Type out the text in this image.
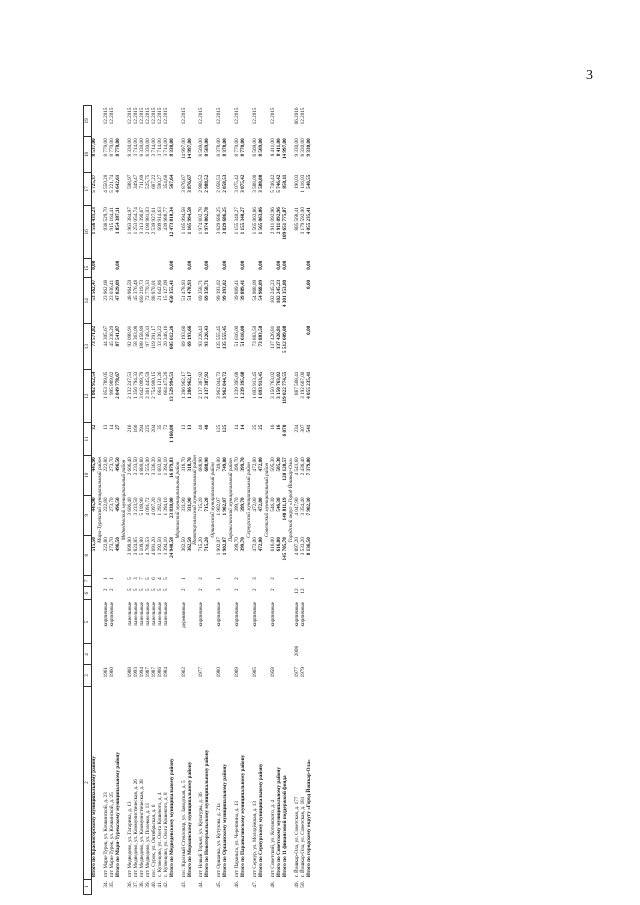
3
1	2	3	4	5	6	7	8	9	10	11	12	13	14	15	16	17	18	19
	Итого по Красногорскому муниципальному району						515,50	445,90	445,90	32	1 062 952,54	73 571,82	53 562,47	0,00	1 556 431,23	5 725,37	8 537,00	
Мари-Турекский муниципальный район																		
34.	пгт Мари-Турек, ул. Кочкинской, д. 23	1961		кирпичные	2	1	222,80	222,80	222,80	13	1 053 789,05	44 305,67	23 962,68		938 529,70	4 550,20	8 770,00	12.2015
35.	пгт Мари-Турек, ул. Кочкинской, д. 25	1960		кирпичные	2	1	273,70	273,70	273,70	14	995 989,62	45 236,20	23 036,41		915 164,41	5 221,74	8 770,00	12.2015
	Итого по Мари-Турекскому муниципальному району						496,50	496,50	496,50	27	2 049 778,67	87 541,87	47 029,09	0,00	1 854 387,11	4 642,61	8 770,00	
Медведевский муниципальный район																		
36.	пгт Медведево, ул. Гагарина, д. 13	1988		панельные	5	5	3 899,90	3 606,40	2 606,40	216	2 132 247,53	92 098,91	48 964,59		1 963 384,97	598,97	8 330,00	12.2015
37.	пгт Медведево, ул. Коммунистическая, д. 26	1993		панельные	5	3	3 824,85	3 233,50	3 233,50	166	1 356 794,33	58 363,08	45 376,48		1 253 054,74	349,47	3 714,00	12.2015
38.	пгт Медведево, ул. Коммунистическая, д. 38	1994		панельные	5	7	5 109,90	5 109,90	4 880,80	294	3 642 099,79	188 458,89	160 219,73		3 313 390,67	711,69	8 330,00	12.2015
39.	пгт Медведево, ул. Полевая, д. 13	1987		панельные	5	5	4 786,53	4 091,72	2 555,00	225	2 361 445,59	97 748,33	72 770,33		2 190 981,03	525,75	8 330,00	12.2015
40.	пос. Сурок, ул. Октябрьская, д. 6	1987		панельные	5	6	4 691,20	4 097,20	3 336,20	204	2 754 900,15	119 291,17	88 970,01		2 539 927,61	687,22	3 714,00	12.2015
41.	с. Кузнецово, ул. Олега Кошевого, д. 4	1986		панельные	5	4	1 292,50	1 292,50	1 602,00	35	664 121,26	33 236,22	21 642,86		609 914,63	590,27	3 714,00	12.2015
42.	с. Кузнецово, ул. Олега Кошевого, д. 8	1984		панельные	5	5	1 394,10	1 394,10	1 394,10	72	664 473,20	20 346,16	15 127,09		439 988,77	354,60	3 714,00	12.2015
	Итого по Медведевскому муниципальному району						24 940,58	23 830,08	16 879,83	1 160,00	13 529 994,51	605 612,26	450 355,41	0,00	12 473 810,34	567,64	8 330,00	
Моркинский муниципальный район																		
43.	пос. Красный Стекловар, ул. Заводская, д. 5	1962		деревянные	2	1	362,50	331,90	318,70	13	1 286 962,17	69 193,66	51 478,93		1 165 994,58	3 876,67	14 997,00	12.2015
	Итого по Моркинскому муниципальному району						362,50	331,90	318,70	13	1 286 962,17	69 193,66	51 478,93	0,00	1 165 994,58	3 876,67	14 997,00	
Новоторъяльский муниципальный район																		
44.	пгт Новый Торъял, ул. Культуры, д. 36	1977		кирпичные	2	2	715,20	715,20	688,90	40	2 137 387,92	93 226,43	69 358,71		1 974 802,78	2 988,52	8 569,00	12.2015
	Итого по Новоторъяльскому муниципальному району						715,20	715,20	688,90	40	2 137 387,92	93 226,43	69 358,71	0,00	1 974 802,78	2 988,52	8 569,00	
Оршанский муниципальный район																		
45.	пгт Оршанка, ул. Кутузова, д. 21а	1980		кирпичные	3	1	1 902,07	1 902,07	749,00	125	3 962 044,72	135 555,45	99 393,02		3 829 686,25	2 058,53	8 378,00	12.2015
	Итого по Оршанскому муниципальному району						1 902,07	1 902,07	749,00	125	3 962 044,72	135 555,45	99 393,02	0,00	3 829 686,25	2 058,53	8 378,00	
Параньгинский муниципальный район																		
46.	пгт Параньга, ул. Черепнина, д. 13	1969		кирпичные	2	2	399,70	399,70	399,70	14	1 239 395,68	51 616,00	39 889,41		1 155 340,27	3 075,42	8 770,00	12.2015
	Итого по Параньгинскому муниципальному району						399,70	399,70	399,70	14	1 239 395,68	51 616,00	39 889,41	0,00	1 155 340,27	3 075,42	8 770,00	
Сернурский муниципальный район																		
47.	пгт Сернур, ул. Молодёжная, д. 13	1965		кирпичные	2	3	472,00	472,00	472,00	25	1 693 913,45	73 883,50	54 968,09		1 565 063,86	3 588,00	8 569,00	12.2015
	Итого по Сернурскому муниципальному району						472,00	472,00	472,00	25	1 693 913,45	73 883,50	54 968,09	0,00	1 565 063,86	3 588,00	8 569,00	
Советский муниципальный район																		
48.	пгт Советский, ул. Котовского, д. 4	1958		кирпичные	2	2	616,00	546,30	505,30	16	3 150 763,02	137 426,81	102 245,23		2 911 092,96	5 746,42	8 411,00	12.2015
	Итого по Советскому муниципальному району						616,00	546,30	505,30	16	3 150 763,02	137 426,81	102 245,23	0,00	2 911 092,96	5 746,42	8 411,00	
	Итого по 11 финансовой поддержкой фонда						145 705,78	140 811,19	120 120,57	6 070	119 022 774,55	5 512 609,08	4 301 353,80	0,00	109 651 775,87	850,11	14 997,00	
Городской округ «Город Йошкар-Ола»																		
49.	г. Йошкар-Ола, ул. Советская, д. 177	1977	2008	кирпичные	12	1	4 897,20	4 047,90	4 541,60	234	887 568,41				885 568,41	190,03	9 330,00	06.2016
50.	г. Йошкар-Ола, ул. Советская, д. 181	1979		кирпичные	12	1	3 533,20	3 354,40	2 438,40	307	3 192 667,00				3 179 592,00	1 116,03	8 330,00	12.2015
	Итого по городскому округу «Город Йошкар-Ола»						8 136,50	7 902,30	7 379,00	541	4 055 235,41	0,00	0,00	0,00	4 055 235,41	540,55	9 330,00	
